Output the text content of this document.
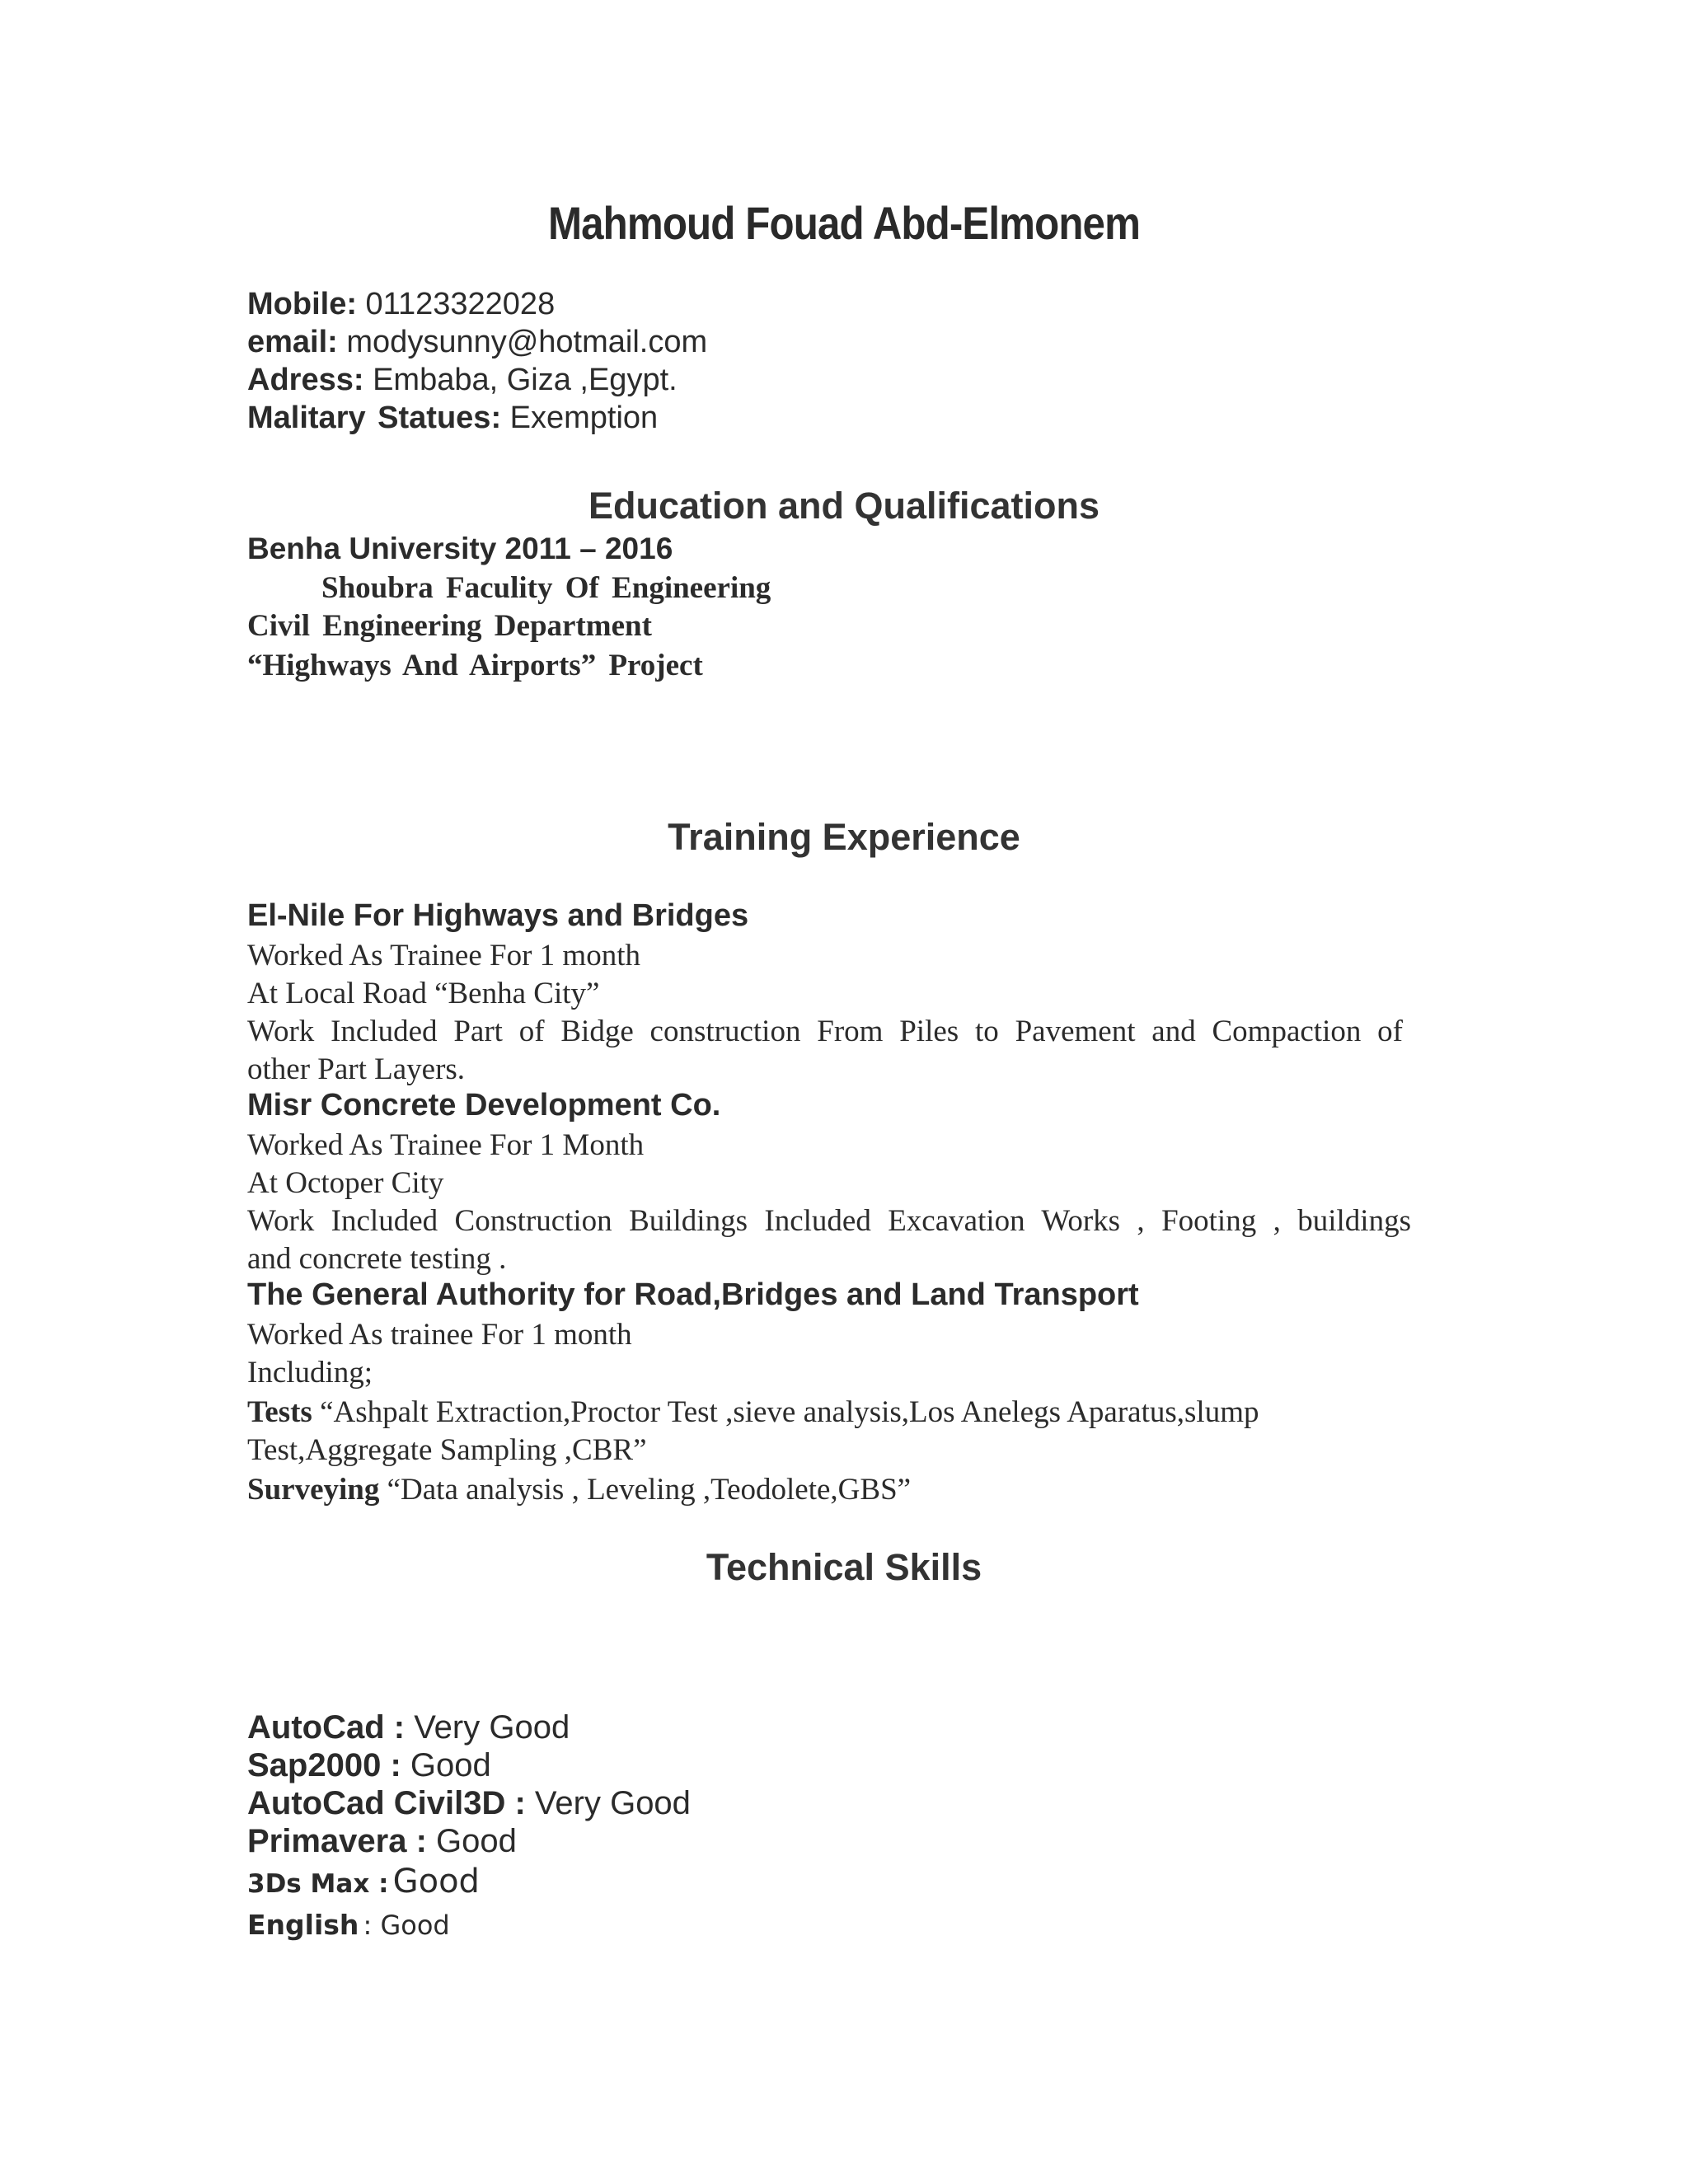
Mahmoud Fouad Abd-Elmonem
Mobile: 01123322028
email: modysunny@hotmail.com
Adress: Embaba, Giza ,Egypt.
Malitary Statues: Exemption
Education and Qualifications
Benha University 2011 – 2016
Shoubra Faculity Of Engineering
Civil Engineering Department
“Highways And Airports” Project
Training Experience
El-Nile For Highways and Bridges
Worked As Trainee For 1 month
At Local Road “Benha City”
Work Included Part of Bidge construction From Piles to Pavement and Compaction of
other Part Layers.
Misr Concrete Development Co.
Worked As Trainee For 1 Month
At Octoper City
Work Included Construction Buildings Included Excavation Works , Footing , buildings
and concrete testing .
The General Authority for Road,Bridges and Land Transport
Worked As trainee For 1 month
Including;
Tests “Ashpalt Extraction,Proctor Test ,sieve analysis,Los Anelegs Aparatus,slump
Test,Aggregate Sampling ,CBR”
Surveying “Data analysis , Leveling ,Teodolete,GBS”
Technical Skills
AutoCad : Very Good
Sap2000 : Good
AutoCad Civil3D : Very Good
Primavera : Good
3Ds Max : Good
English : Good
